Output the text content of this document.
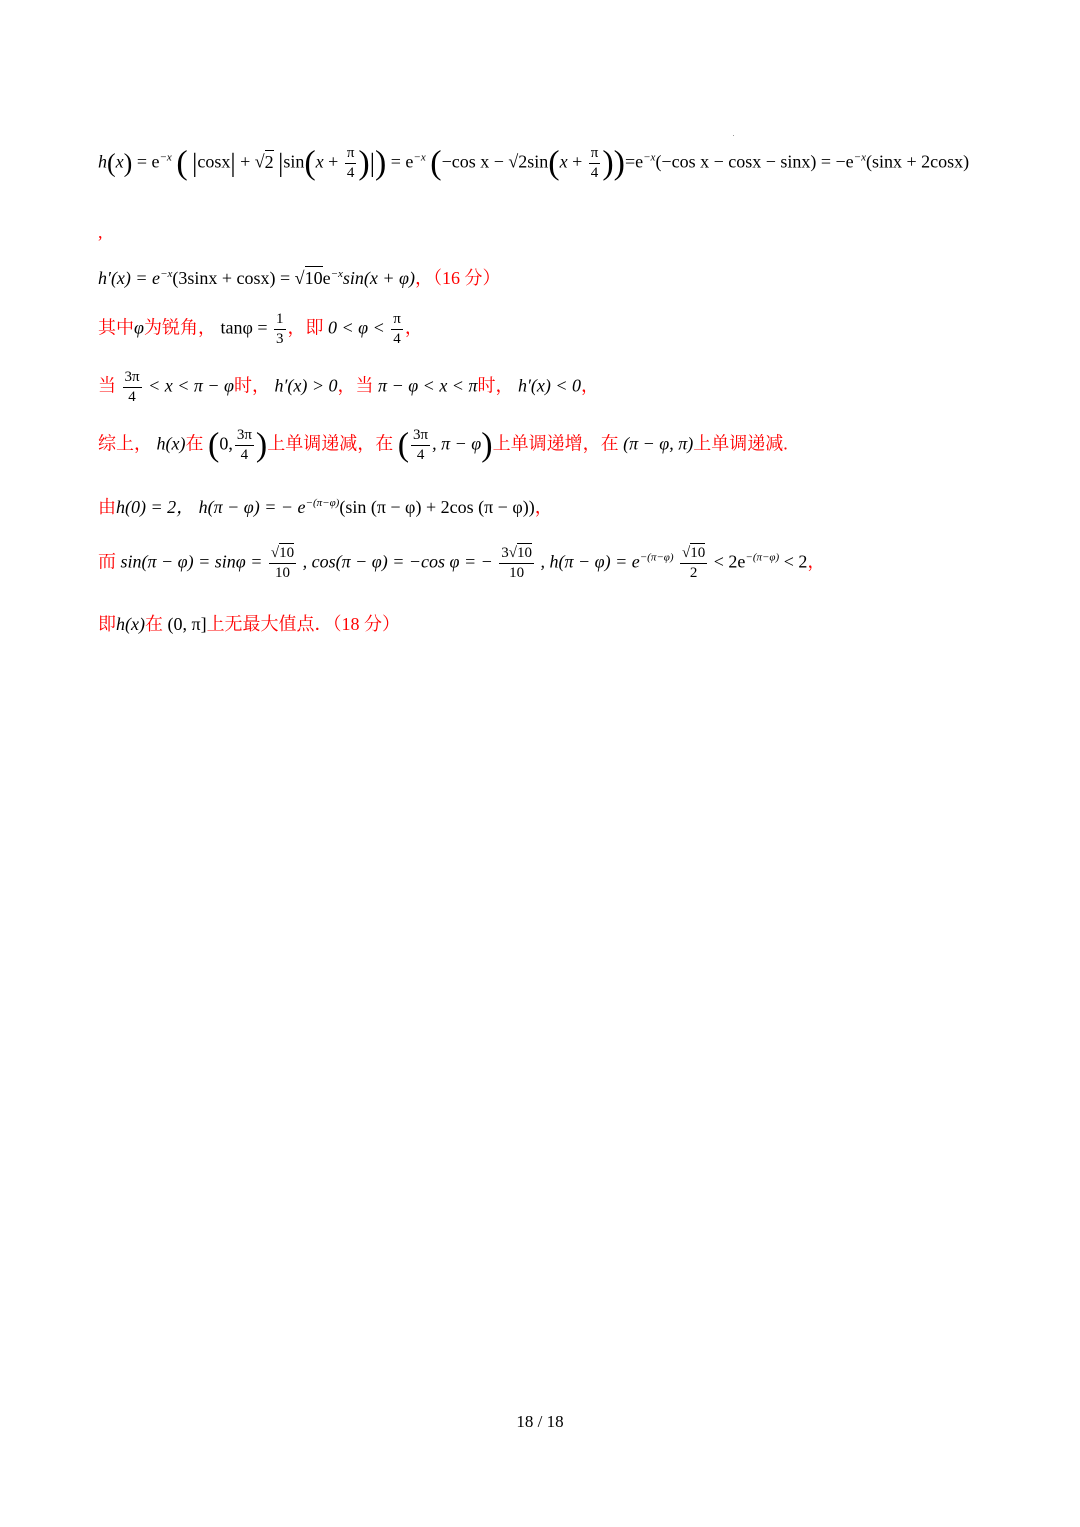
$h(x) = e^{-x}$ ( |cosx| + √2 $|\sin(x + \frac{\pi}{4}$ )|) = $e^{-x}$ (−cos $x - √2\sin(x + \frac{\pi}{4} ))=e^{-x}(-\cos$ $x - \cos x - \sin x) = -e^{-x}(\sin x + 2\cos x)$
,
$h'(x) = e^{-x}(3\sin x + \cos x) = √10e^{-x}\sin(x + \varphi)$，（16 分）
其中φ为锐角， $\tan\varphi = \frac{1}{3}$ ，即 $0 < \varphi < \frac{\pi}{4}$ ，
当 $\frac{3\pi}{4} < x < \pi - \varphi$时， h′(x) > 0，当 π − φ < x < π时， h′(x) < 0，
综上， h(x)在 (0, $\frac{3\pi}{4}$ )上单调递减，在 ( $\frac{3\pi}{4}$ , π − φ)上单调递增，在 (π − φ, π)上单调递减.
由h(0) = 2， h(π − φ) = − $e^{-(\pi-\varphi)}(\sin$ (π − φ) + 2cos (π − φ))，
而 $\sin(\pi - \varphi) = \sin\varphi = \frac{√10}{10}$ , cos(π − φ) = −cos φ = − $\frac{3√10}{10}$ , $h(\pi - \varphi) = e^{-(\pi-\varphi)} \frac{√10}{2} < 2e^{-(\pi-\varphi)} < 2$，
即h(x)在 (0, π]上无最大值点．（18 分）
18 / 18
